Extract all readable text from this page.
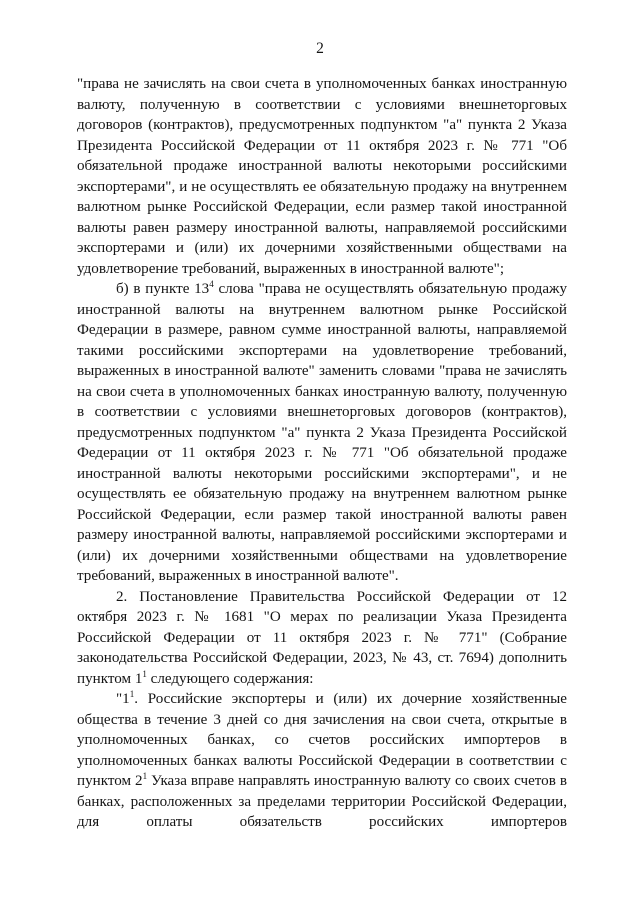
2

"права не зачислять на свои счета в уполномоченных банках иностранную валюту, полученную в соответствии с условиями внешнеторговых договоров (контрактов), предусмотренных подпунктом "а" пункта 2 Указа Президента Российской Федерации от 11 октября 2023 г. № 771 "Об обязательной продаже иностранной валюты некоторыми российскими экспортерами", и не осуществлять ее обязательную продажу на внутреннем валютном рынке Российской Федерации, если размер такой иностранной валюты равен размеру иностранной валюты, направляемой российскими экспортерами и (или) их дочерними хозяйственными обществами на удовлетворение требований, выраженных в иностранной валюте";

б) в пункте $13^4$ слова "права не осуществлять обязательную продажу иностранной валюты на внутреннем валютном рынке Российской Федерации в размере, равном сумме иностранной валюты, направляемой такими российскими экспортерами на удовлетворение требований, выраженных в иностранной валюте" заменить словами "права не зачислять на свои счета в уполномоченных банках иностранную валюту, полученную в соответствии с условиями внешнеторговых договоров (контрактов), предусмотренных подпунктом "а" пункта 2 Указа Президента Российской Федерации от 11 октября 2023 г. № 771 "Об обязательной продаже иностранной валюты некоторыми российскими экспортерами", и не осуществлять ее обязательную продажу на внутреннем валютном рынке Российской Федерации, если размер такой иностранной валюты равен размеру иностранной валюты, направляемой российскими экспортерами и (или) их дочерними хозяйственными обществами на удовлетворение требований, выраженных в иностранной валюте".

2. Постановление Правительства Российской Федерации от 12 октября 2023 г. № 1681 "О мерах по реализации Указа Президента Российской Федерации от 11 октября 2023 г. № 771" (Собрание законодательства Российской Федерации, 2023, № 43, ст. 7694) дополнить пунктом $1^1$ следующего содержания:

"$1^1$. Российские экспортеры и (или) их дочерние хозяйственные общества в течение 3 дней со дня зачисления на свои счета, открытые в уполномоченных банках, со счетов российских импортеров в уполномоченных банках валюты Российской Федерации в соответствии с пунктом $2^1$ Указа вправе направлять иностранную валюту со своих счетов в банках, расположенных за пределами территории Российской Федерации, для оплаты обязательств российских импортеров
